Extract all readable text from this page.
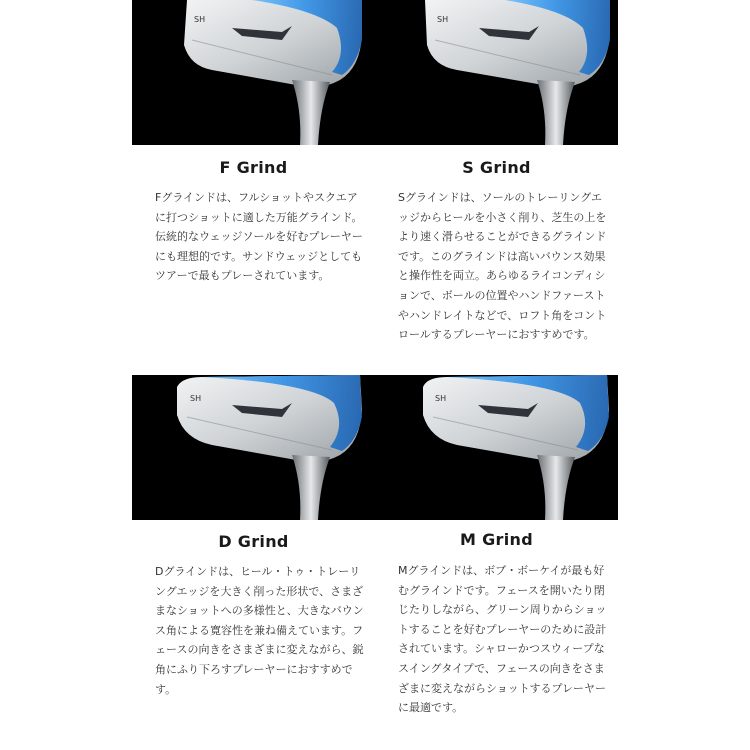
SH	SH
F Grind
Fグラインドは、フルショットやスクエアに打つショットに適した万能グラインド。伝統的なウェッジソールを好むプレーヤーにも理想的です。サンドウェッジとしてもツアーで最もプレーされています。
S Grind
Sグラインドは、ソールのトレーリングエッジからヒールを小さく削り、芝生の上をより速く滑らせることができるグラインドです。このグラインドは高いバウンス効果と操作性を両立。あらゆるライコンディションで、ボールの位置やハンドファーストやハンドレイトなどで、ロフト角をコントロールするプレーヤーにおすすめです。
SH	SH
D Grind
Dグラインドは、ヒール・トゥ・トレーリングエッジを大きく削った形状で、さまざまなショットへの多様性と、大きなバウンス角による寛容性を兼ね備えています。フェースの向きをさまざまに変えながら、鋭角にふり下ろすプレーヤーにおすすめです。
M Grind
Mグラインドは、ボブ・ボーケイが最も好むグラインドです。フェースを開いたり閉じたりしながら、グリーン周りからショットすることを好むプレーヤーのために設計されています。シャローかつスウィープなスイングタイプで、フェースの向きをさまざまに変えながらショットするプレーヤーに最適です。
